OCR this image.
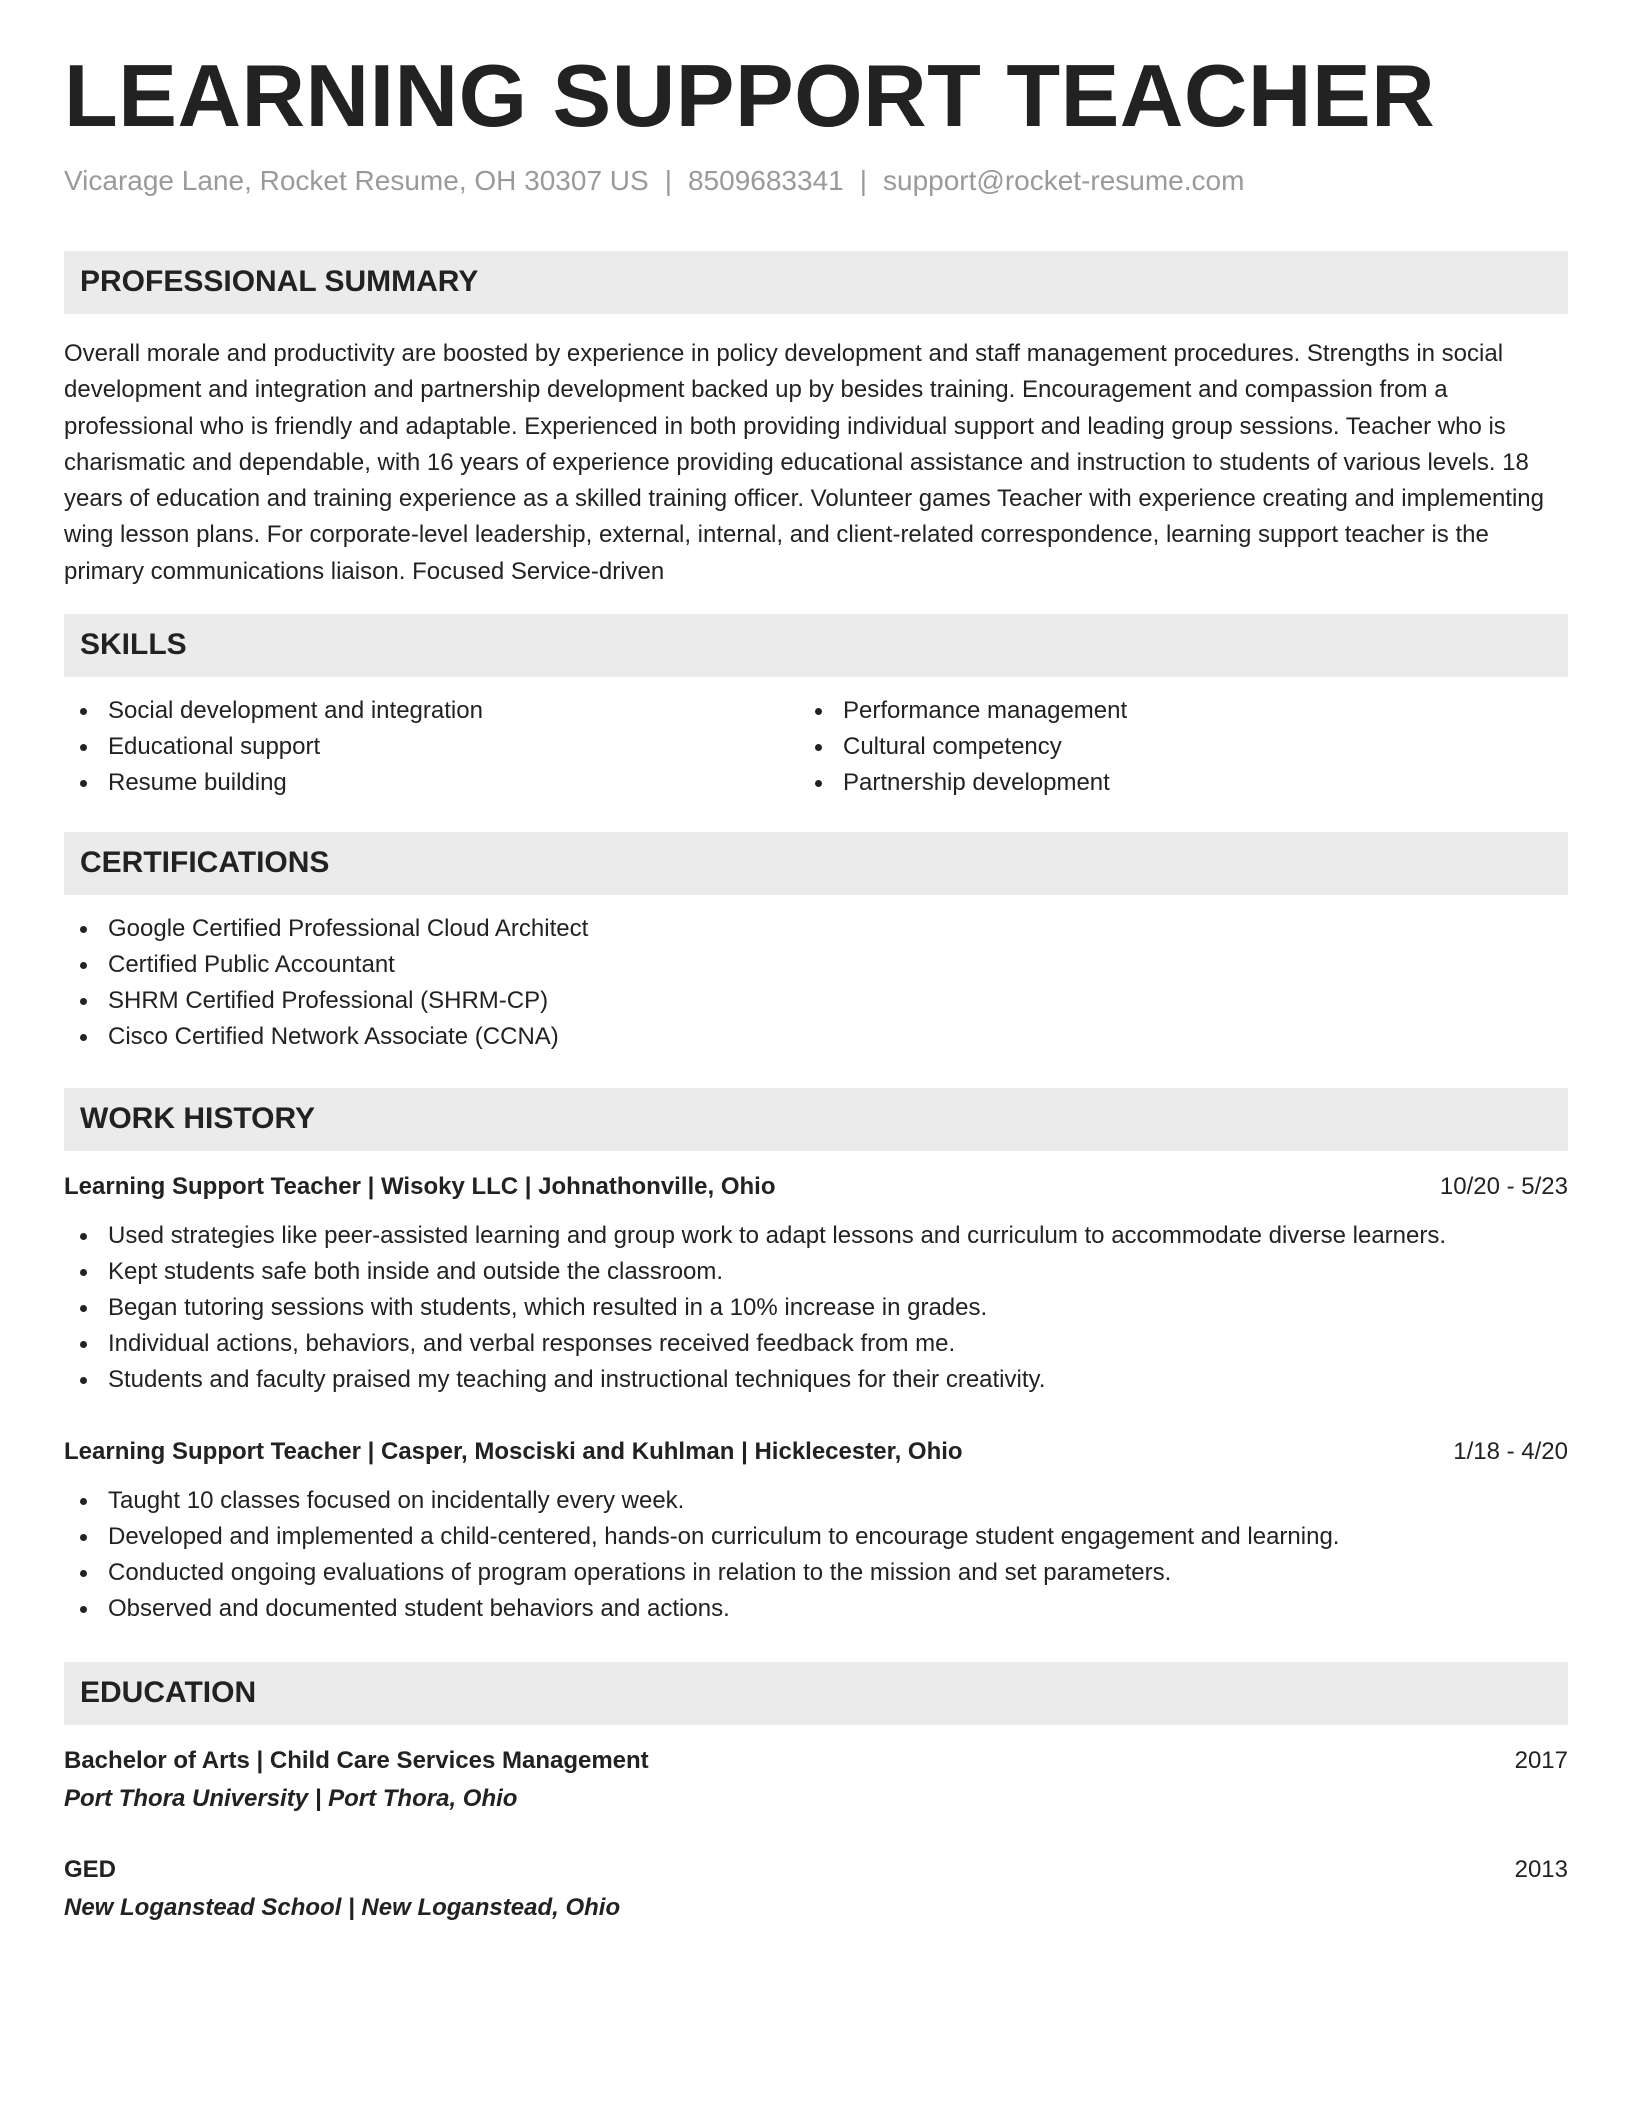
LEARNING SUPPORT TEACHER
Vicarage Lane, Rocket Resume, OH 30307 US | 8509683341 | support@rocket-resume.com
PROFESSIONAL SUMMARY

Overall morale and productivity are boosted by experience in policy development and staff management procedures. Strengths in social development and integration and partnership development backed up by besides training. Encouragement and compassion from a professional who is friendly and adaptable. Experienced in both providing individual support and leading group sessions. Teacher who is charismatic and dependable, with 16 years of experience providing educational assistance and instruction to students of various levels. 18 years of education and training experience as a skilled training officer. Volunteer games Teacher with experience creating and implementing wing lesson plans. For corporate-level leadership, external, internal, and client-related correspondence, learning support teacher is the primary communications liaison. Focused Service-driven

SKILLS
Social development and integration
Educational support
Resume building
Performance management
Cultural competency
Partnership development
CERTIFICATIONS
Google Certified Professional Cloud Architect
Certified Public Accountant
SHRM Certified Professional (SHRM-CP)
Cisco Certified Network Associate (CCNA)
WORK HISTORY
Learning Support Teacher | Wisoky LLC | Johnathonville, Ohio	10/20 - 5/23
Used strategies like peer-assisted learning and group work to adapt lessons and curriculum to accommodate diverse learners.
Kept students safe both inside and outside the classroom.
Began tutoring sessions with students, which resulted in a 10% increase in grades.
Individual actions, behaviors, and verbal responses received feedback from me.
Students and faculty praised my teaching and instructional techniques for their creativity.
Learning Support Teacher | Casper, Mosciski and Kuhlman | Hicklecester, Ohio	1/18 - 4/20
Taught 10 classes focused on incidentally every week.
Developed and implemented a child-centered, hands-on curriculum to encourage student engagement and learning.
Conducted ongoing evaluations of program operations in relation to the mission and set parameters.
Observed and documented student behaviors and actions.
EDUCATION
Bachelor of Arts | Child Care Services Management	2017
Port Thora University | Port Thora, Ohio
GED	2013
New Loganstead School | New Loganstead, Ohio
